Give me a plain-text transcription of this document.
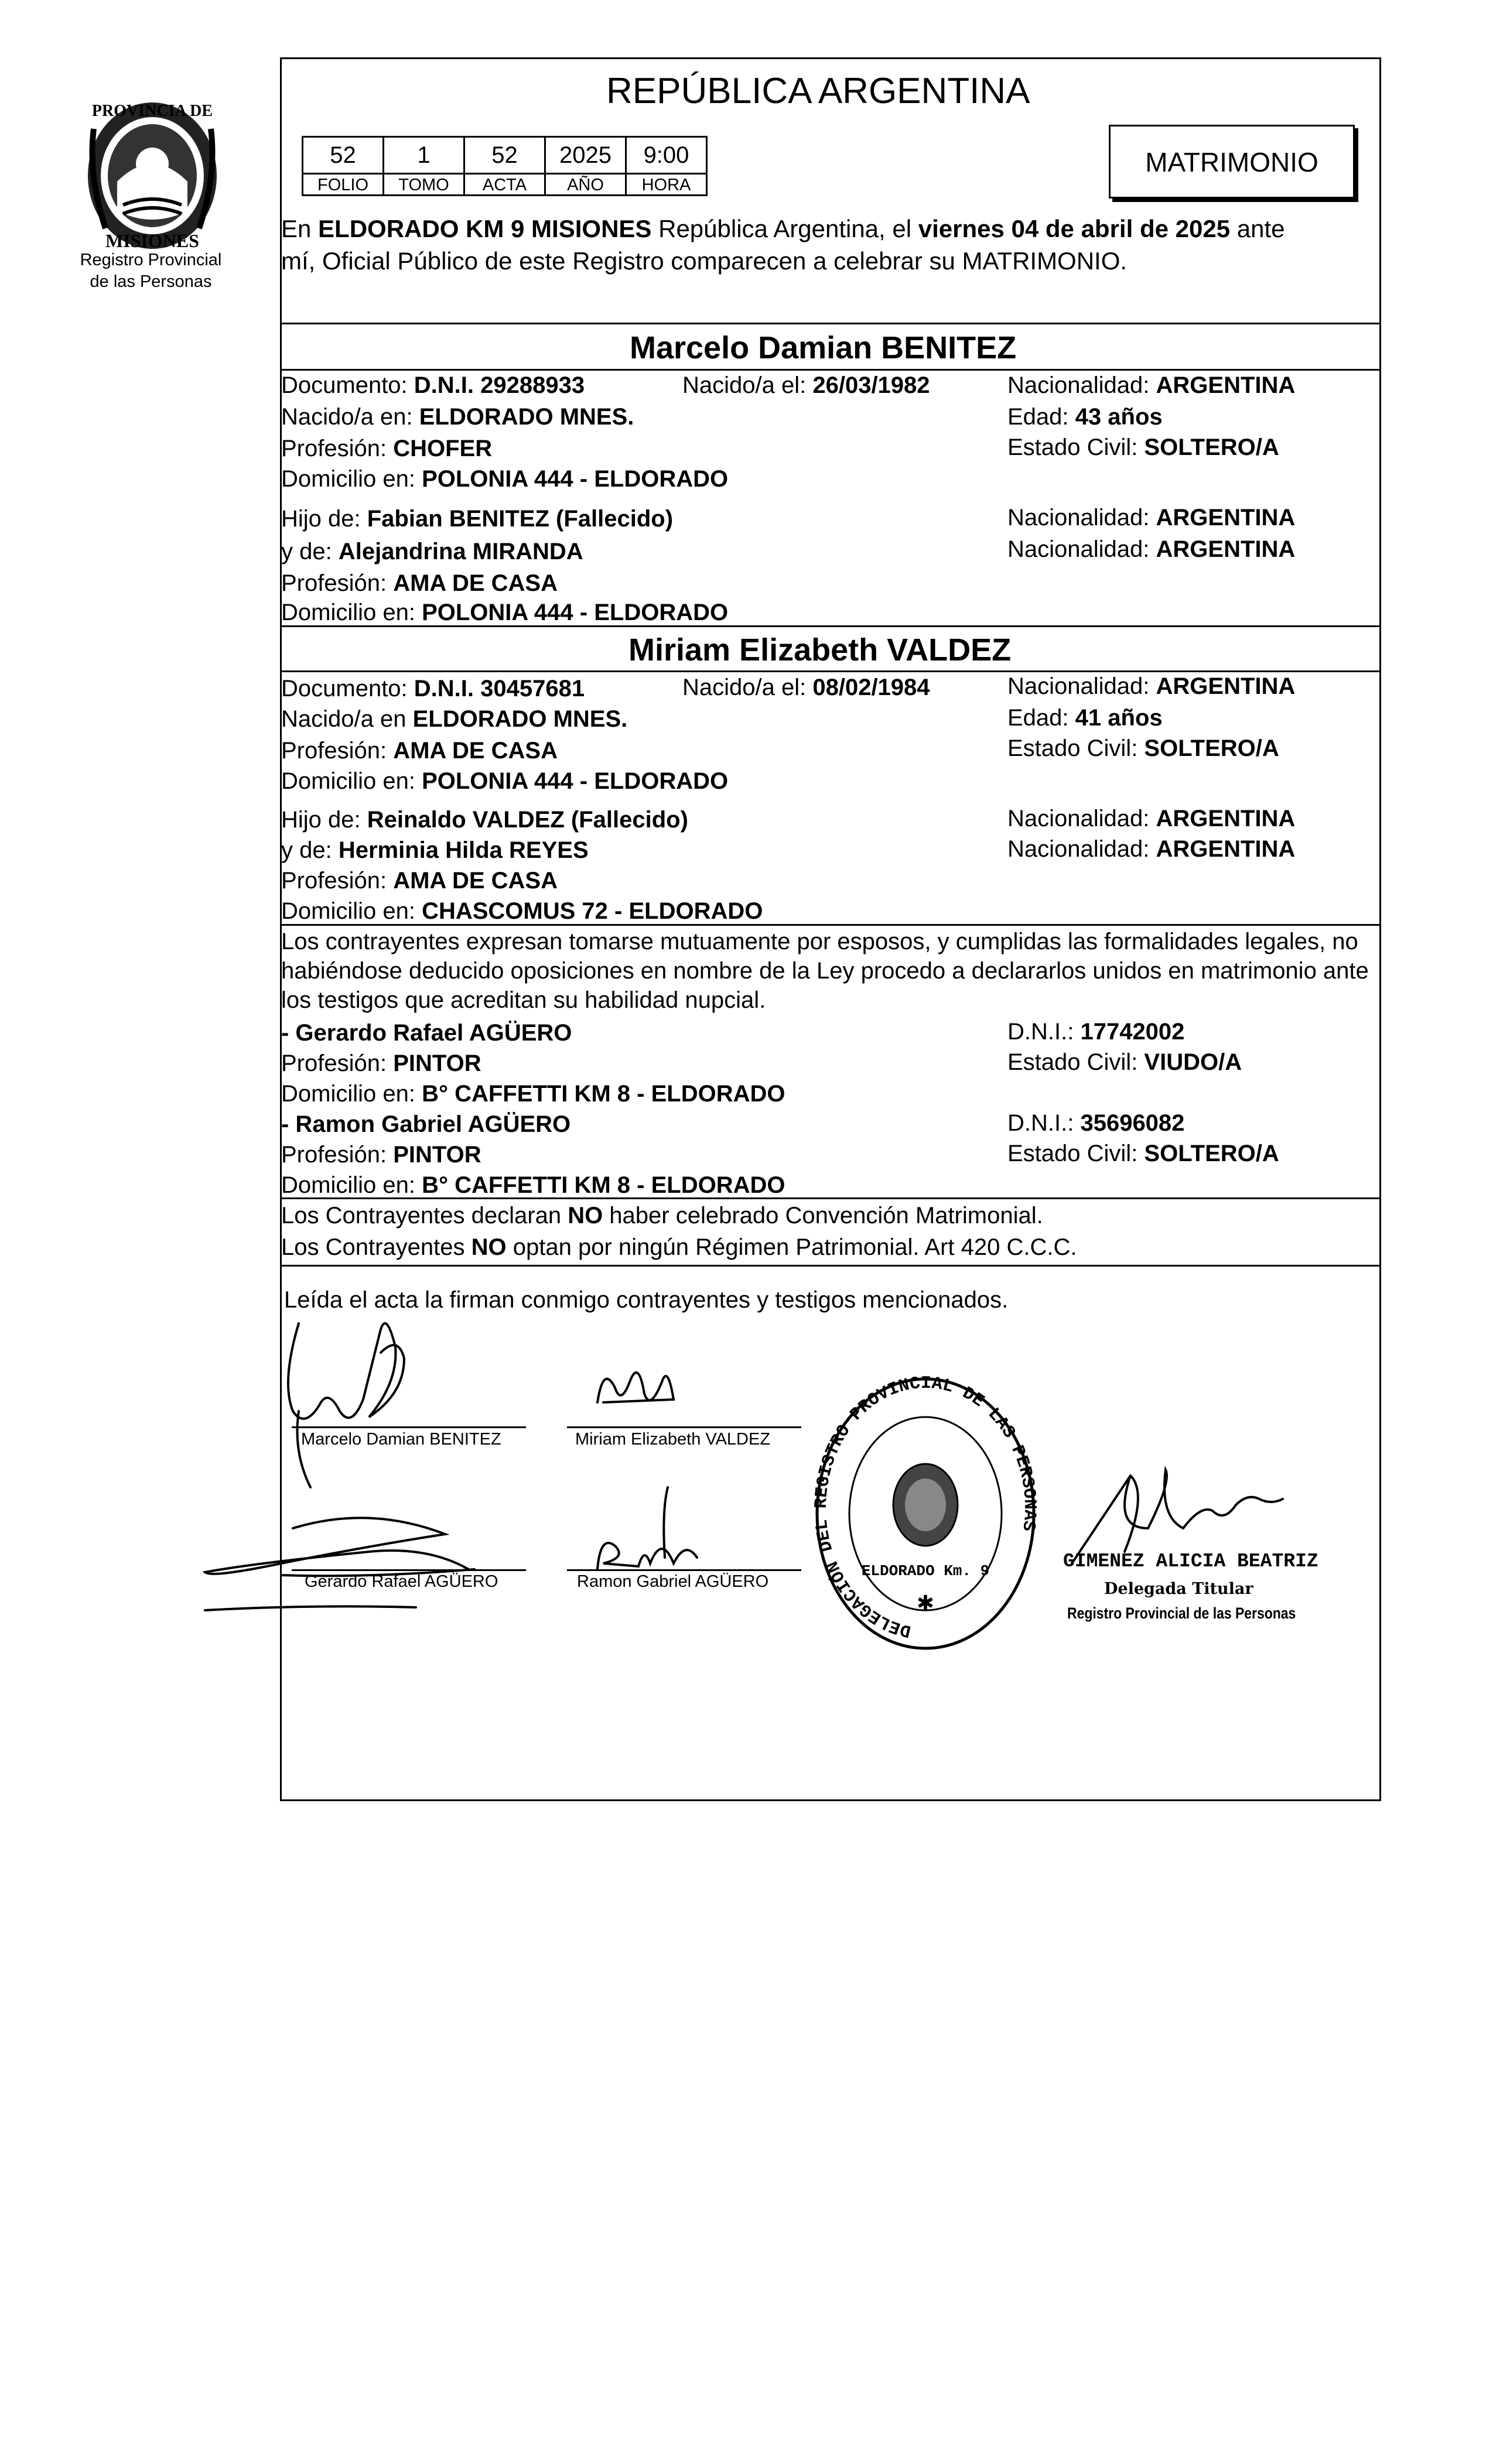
PROVINCIA DE
MISIONES
Registro Provincial
de las Personas
REPÚBLICA ARGENTINA
52	1	52	2025	9:00
FOLIO	TOMO	ACTA	AÑO	HORA
MATRIMONIO
En ELDORADO KM 9 MISIONES República Argentina, el viernes 04 de abril de 2025 ante
mí, Oficial Público de este Registro comparecen a celebrar su MATRIMONIO.
Marcelo Damian BENITEZ
Documento: D.N.I. 29288933	Nacido/a el: 26/03/1982	Nacionalidad: ARGENTINA
Nacido/a en: ELDORADO MNES.	Edad: 43 años
Profesión: CHOFER	Estado Civil: SOLTERO/A
Domicilio en: POLONIA 444 - ELDORADO
Hijo de: Fabian BENITEZ (Fallecido)	Nacionalidad: ARGENTINA
y de: Alejandrina MIRANDA	Nacionalidad: ARGENTINA
Profesión: AMA DE CASA
Domicilio en: POLONIA 444 - ELDORADO
Miriam Elizabeth VALDEZ
Documento: D.N.I. 30457681	Nacido/a el: 08/02/1984	Nacionalidad: ARGENTINA
Nacido/a en ELDORADO MNES.	Edad: 41 años
Profesión: AMA DE CASA	Estado Civil: SOLTERO/A
Domicilio en: POLONIA 444 - ELDORADO
Hijo de: Reinaldo VALDEZ (Fallecido)	Nacionalidad: ARGENTINA
y de: Herminia Hilda REYES	Nacionalidad: ARGENTINA
Profesión: AMA DE CASA
Domicilio en: CHASCOMUS 72 - ELDORADO
Los contrayentes expresan tomarse mutuamente por esposos, y cumplidas las formalidades legales, no
habiéndose deducido oposiciones en nombre de la Ley procedo a declararlos unidos en matrimonio ante
los testigos que acreditan su habilidad nupcial.
- Gerardo Rafael AGÜERO	D.N.I.: 17742002
Profesión: PINTOR	Estado Civil: VIUDO/A
Domicilio en: B° CAFFETTI KM 8 - ELDORADO
- Ramon Gabriel AGÜERO	D.N.I.: 35696082
Profesión: PINTOR	Estado Civil: SOLTERO/A
Domicilio en: B° CAFFETTI KM 8 - ELDORADO
Los Contrayentes declaran NO haber celebrado Convención Matrimonial.
Los Contrayentes NO optan por ningún Régimen Patrimonial. Art 420 C.C.C.
Leída el acta la firman conmigo contrayentes y testigos mencionados.
Marcelo Damian BENITEZ	Miriam Elizabeth VALDEZ
Gerardo Rafael AGÜERO	Ramon Gabriel AGÜERO
DELEGACIÓN DEL EGISTRO PROVINCIAL DE LAS PERS S
ELDORADO Km. 9
✱
GIMENEZ ALICIA BEATRIZ
Delegada Titular
Registro Provincial de las Personas
